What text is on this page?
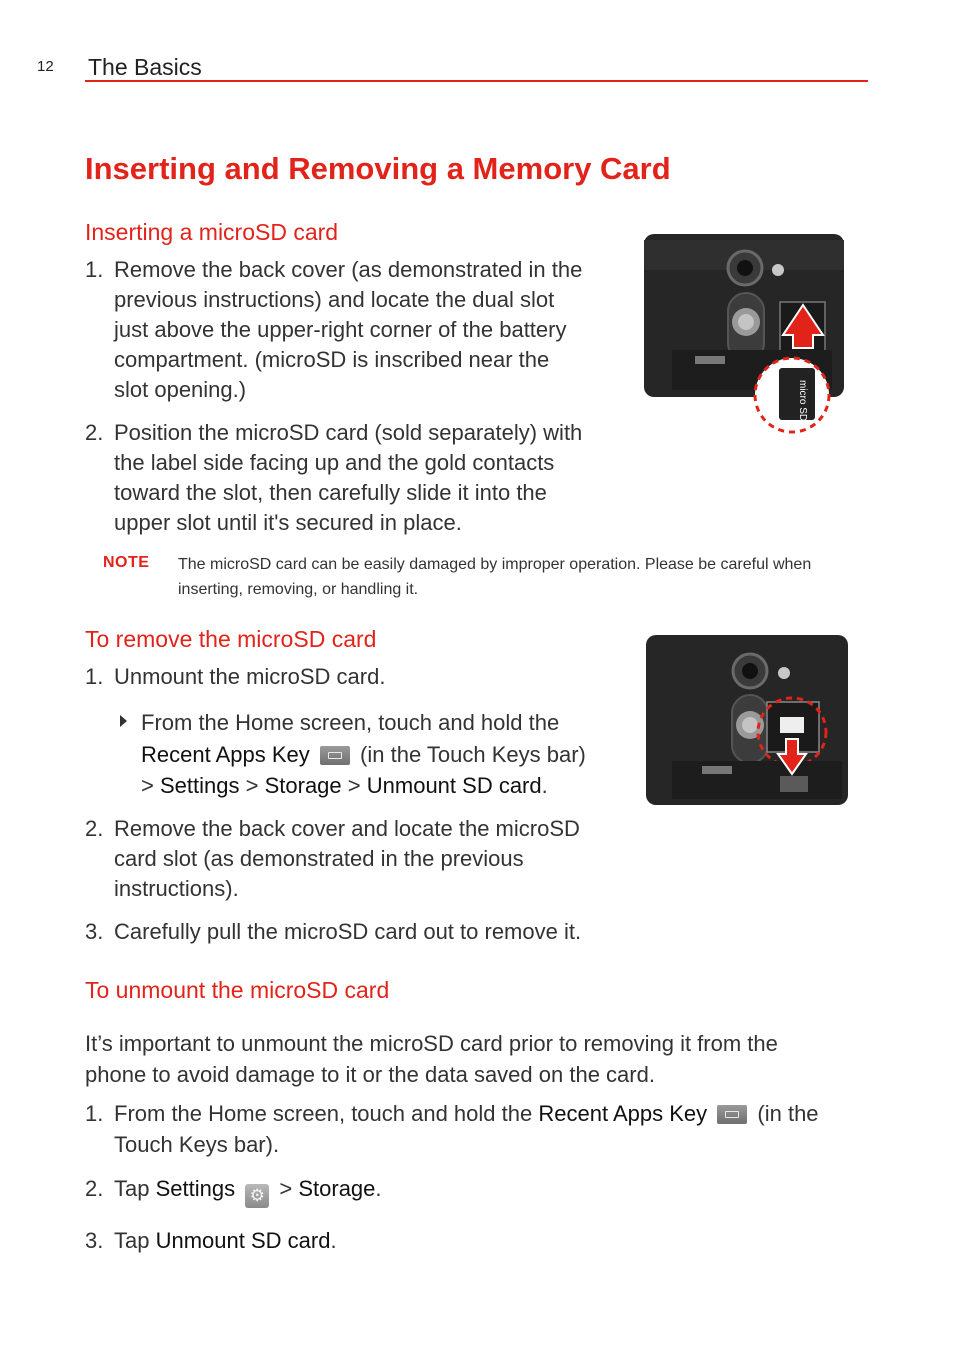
12 The Basics
Inserting and Removing a Memory Card
Inserting a microSD card
1. Remove the back cover (as demonstrated in the
previous instructions) and locate the dual slot
just above the upper-right corner of the battery
compartment. (microSD is inscribed near the
slot opening.)
2. Position the microSD card (sold separately) with
the label side facing up and the gold contacts
toward the slot, then carefully slide it into the
upper slot until it's secured in place.
NOTE The microSD card can be easily damaged by improper operation. Please be careful when
inserting, removing, or handling it.
micro SD
To remove the microSD card
1. Unmount the microSD card.
From the Home screen, touch and hold the
Recent Apps Key (in the Touch Keys bar)
> Settings > Storage > Unmount SD card.
2. Remove the back cover and locate the microSD
card slot (as demonstrated in the previous
instructions).
3. Carefully pull the microSD card out to remove it.
To unmount the microSD card
It’s important to unmount the microSD card prior to removing it from the
phone to avoid damage to it or the data saved on the card.
1. From the Home screen, touch and hold the Recent Apps Key (in the
Touch Keys bar).
2. Tap Settings ⚙ > Storage.
3. Tap Unmount SD card.
